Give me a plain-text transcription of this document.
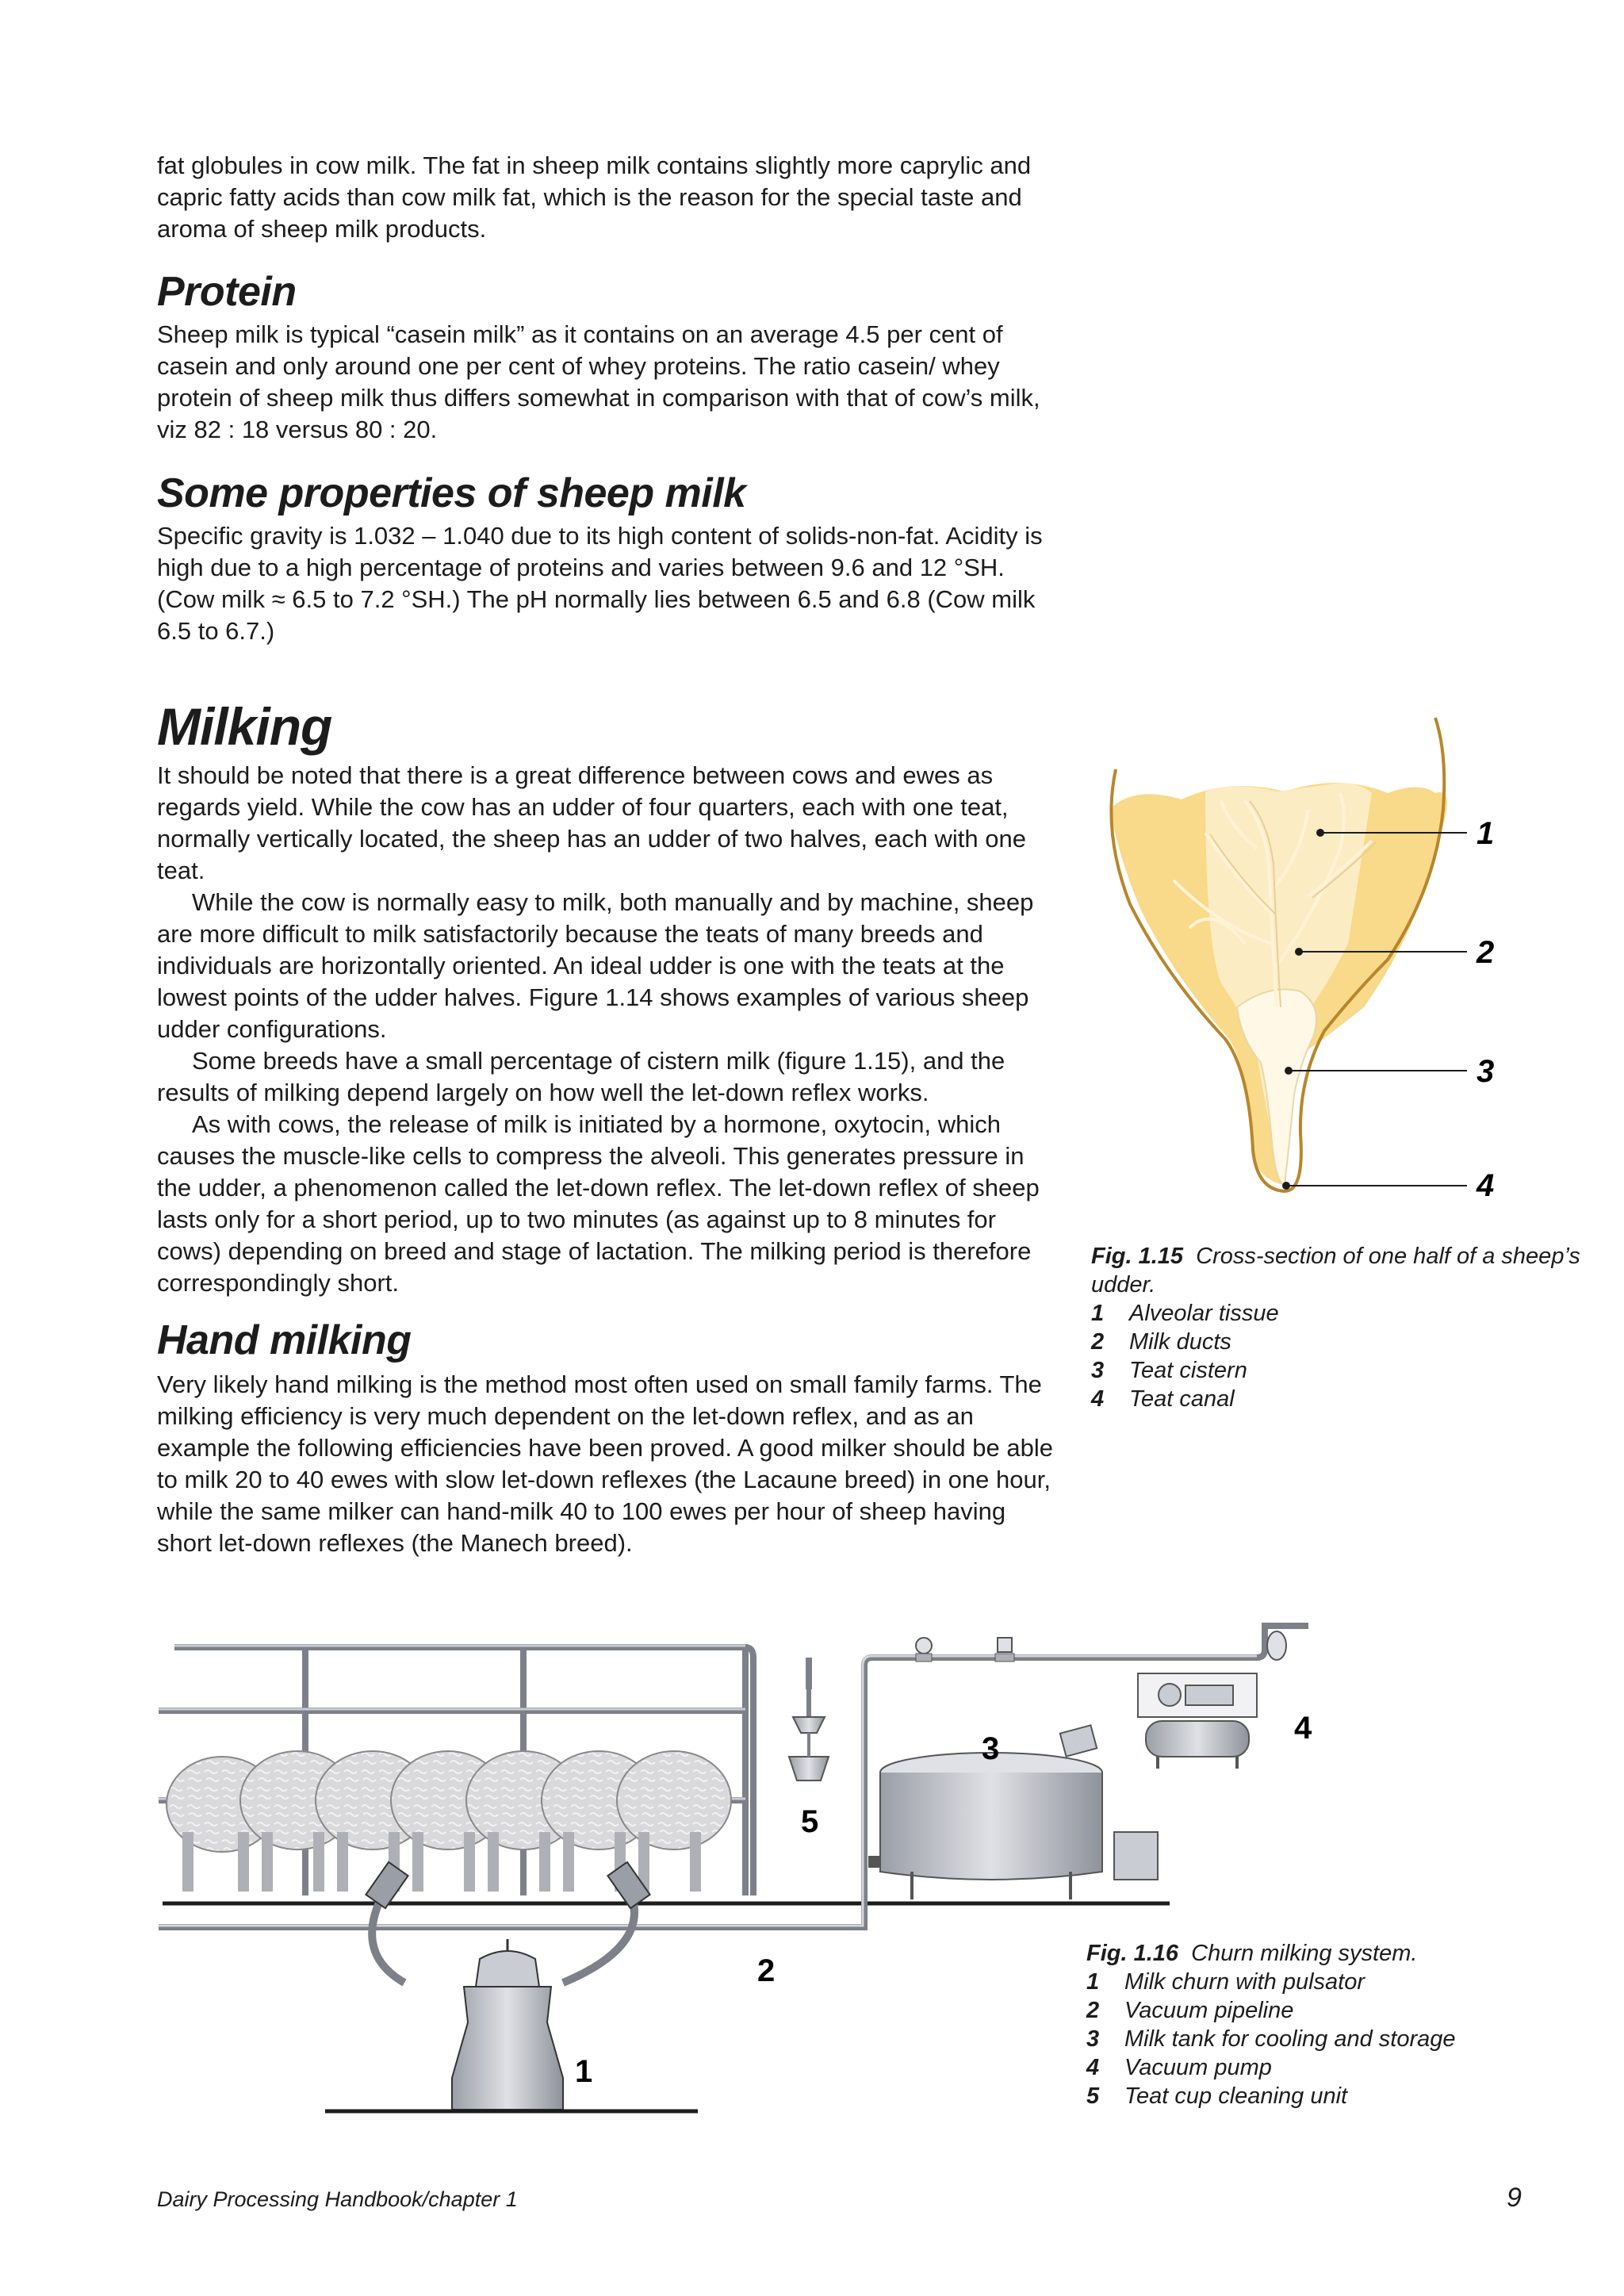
fat globules in cow milk. The fat in sheep milk contains slightly more caprylic and capric fatty acids than cow milk fat, which is the reason for the special taste and aroma of sheep milk products.

Protein

Sheep milk is typical “casein milk” as it contains on an average 4.5 per cent of casein and only around one per cent of whey proteins. The ratio casein/ whey protein of sheep milk thus differs somewhat in comparison with that of cow’s milk, viz 82 : 18 versus 80 : 20.

Some properties of sheep milk

Specific gravity is 1.032 – 1.040 due to its high content of solids-non-fat. Acidity is high due to a high percentage of proteins and varies between 9.6 and 12 °SH. (Cow milk ≈ 6.5 to 7.2 °SH.) The pH normally lies between 6.5 and 6.8 (Cow milk 6.5 to 6.7.)

Milking

It should be noted that there is a great difference between cows and ewes as regards yield. While the cow has an udder of four quarters, each with one teat, normally vertically located, the sheep has an udder of two halves, each with one teat.

While the cow is normally easy to milk, both manually and by machine, sheep are more difficult to milk satisfactorily because the teats of many breeds and individuals are horizontally oriented. An ideal udder is one with the teats at the lowest points of the udder halves. Figure 1.14 shows examples of various sheep udder configurations.

Some breeds have a small percentage of cistern milk (figure 1.15), and the results of milking depend largely on how well the let-down reflex works.

As with cows, the release of milk is initiated by a hormone, oxytocin, which causes the muscle-like cells to compress the alveoli. This generates pressure in the udder, a phenomenon called the let-down reflex. The let-down reflex of sheep lasts only for a short period, up to two minutes (as against up to 8 minutes for cows) depending on breed and stage of lactation. The milking period is therefore correspondingly short.

Hand milking

Very likely hand milking is the method most often used on small family farms. The milking efficiency is very much dependent on the let-down reflex, and as an example the following efficiencies have been proved. A good milker should be able to milk 20 to 40 ewes with slow let-down reflexes (the Lacaune breed) in one hour, while the same milker can hand-milk 40 to 100 ewes per hour of sheep having short let-down reflexes (the Manech breed).

1
2
3
4
Fig. 1.15 Cross-section of one half of a sheep’s udder.
1 Alveolar tissue
2 Milk ducts
3 Teat cistern
4 Teat canal
1
2
3
4
5
Fig. 1.16 Churn milking system.
1 Milk churn with pulsator
2 Vacuum pipeline
3 Milk tank for cooling and storage
4 Vacuum pump
5 Teat cup cleaning unit
Dairy Processing Handbook/chapter 1	9
